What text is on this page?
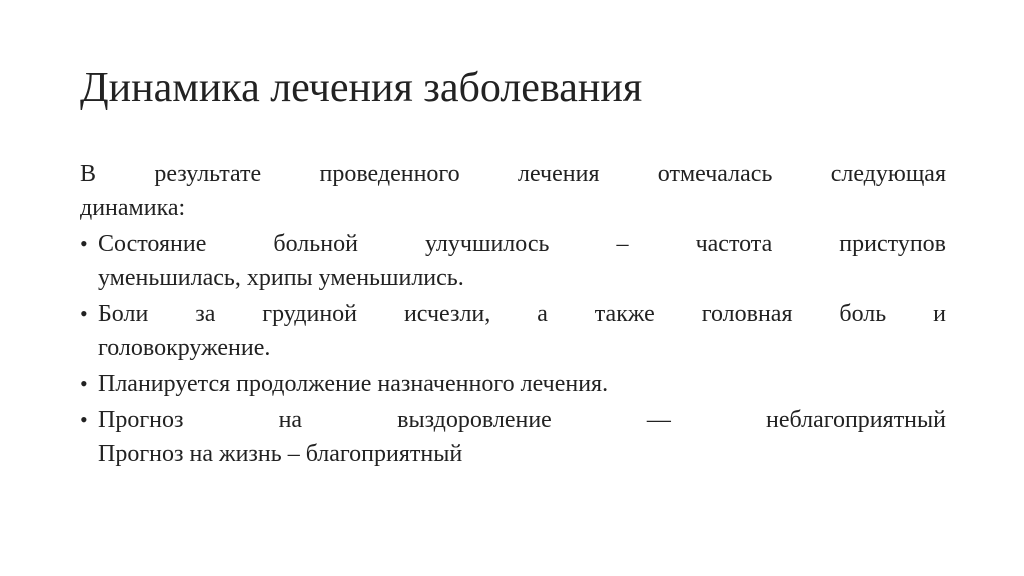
Динамика лечения заболевания
В результате проведенного лечения отмечалась следующая
динамика:
• Состояние больной улучшилось – частота приступов
уменьшилась, хрипы уменьшились.
• Боли за грудиной исчезли, а также головная боль и
головокружение.
• Планируется продолжение назначенного лечения.
• Прогноз на выздоровление — неблагоприятный
Прогноз на жизнь – благоприятный
